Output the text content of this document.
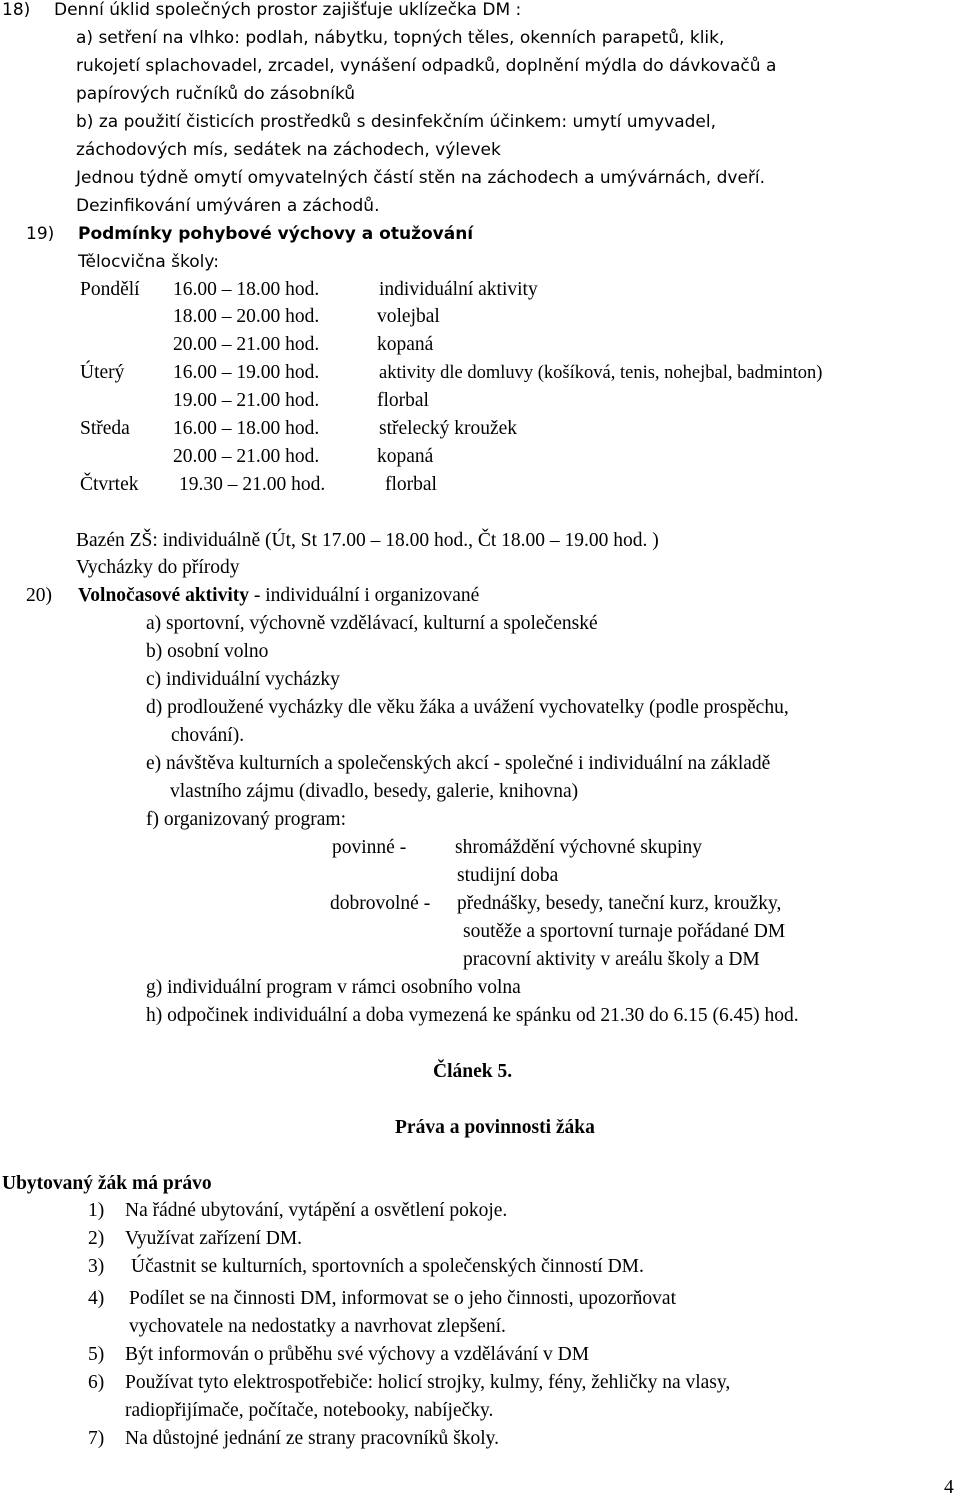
18) Denní úklid společných prostor zajišťuje uklízečka DM :
a) setření na vlhko: podlah, nábytku, topných těles, okenních parapetů, klik,
rukojetí splachovadel, zrcadel, vynášení odpadků, doplnění mýdla do dávkovačů a
papírových ručníků do zásobníků
b) za použití čisticích prostředků s desinfekčním účinkem: umytí umyvadel,
záchodových mís, sedátek na záchodech, výlevek
Jednou týdně omytí omyvatelných částí stěn na záchodech a umývárnách, dveří.
Dezinfikování umýváren a záchodů.
19) Podmínky pohybové výchovy a otužování
Tělocvična školy:
Pondělí 16.00 – 18.00 hod.	individuální aktivity
18.00 – 20.00 hod.	volejbal
20.00 – 21.00 hod.	kopaná
Úterý 16.00 – 19.00 hod.	aktivity dle domluvy (košíková, tenis, nohejbal, badminton)
19.00 – 21.00 hod.	florbal
Středa 16.00 – 18.00 hod.	střelecký kroužek
20.00 – 21.00 hod.	kopaná
Čtvrtek 19.30 – 21.00 hod.	florbal
Bazén ZŠ: individuálně (Út, St 17.00 – 18.00 hod., Čt 18.00 – 19.00 hod. )
Vycházky do přírody
20) Volnočasové aktivity - individuální i organizované
a) sportovní, výchovně vzdělávací, kulturní a společenské
b) osobní volno
c) individuální vycházky
d) prodloužené vycházky dle věku žáka a uvážení vychovatelky (podle prospěchu,
chování).
e) návštěva kulturních a společenských akcí - společné i individuální na základě
vlastního zájmu (divadlo, besedy, galerie, knihovna)
f) organizovaný program:
povinné -	shromáždění výchovné skupiny
studijní doba
dobrovolné - přednášky, besedy, taneční kurz, kroužky,
soutěže a sportovní turnaje pořádané DM
pracovní aktivity v areálu školy a DM
g) individuální program v rámci osobního volna
h) odpočinek individuální a doba vymezená ke spánku od 21.30 do 6.15 (6.45) hod.
Článek 5.
Práva a povinnosti žáka
Ubytovaný žák má právo
1) Na řádné ubytování, vytápění a osvětlení pokoje.
2) Využívat zařízení DM.
3) Účastnit se kulturních, sportovních a společenských činností DM.
4) Podílet se na činnosti DM, informovat se o jeho činnosti, upozorňovat
vychovatele na nedostatky a navrhovat zlepšení.
5) Být informován o průběhu své výchovy a vzdělávání v DM
6) Používat tyto elektrospotřebiče: holicí strojky, kulmy, fény, žehličky na vlasy,
radiopřijímače, počítače, notebooky, nabíječky.
7) Na důstojné jednání ze strany pracovníků školy.
4
